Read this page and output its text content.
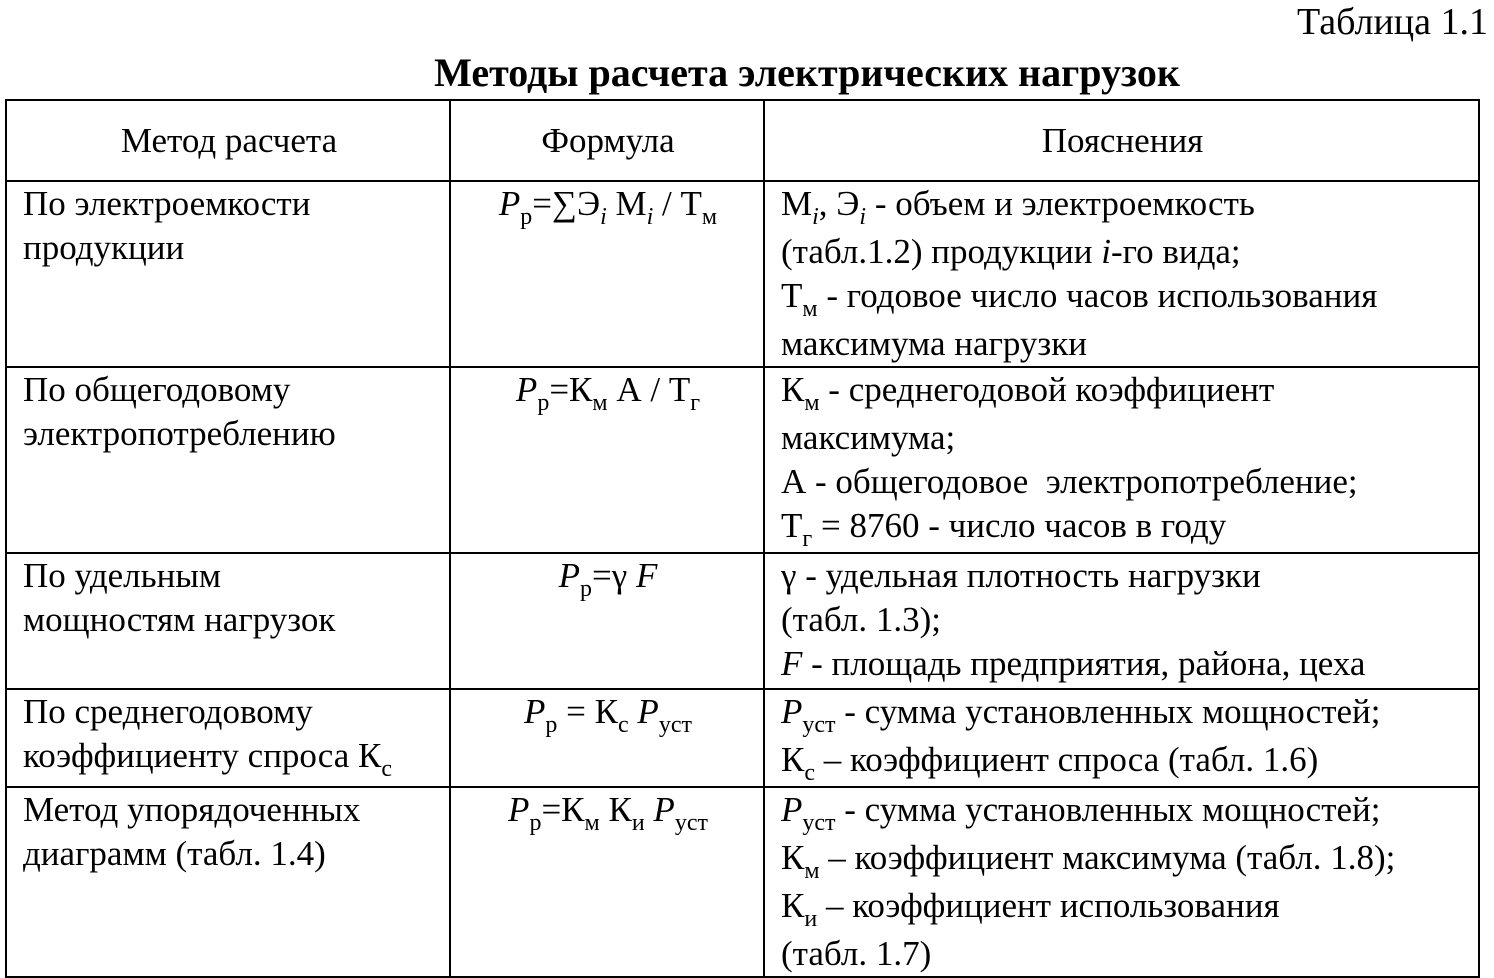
Таблица 1.1
Методы расчета электрических нагрузок
Метод расчета	Формула	Пояснения

По электроемкости
продукции	$P_р=\sum Э_i$ $М_i / Т_м$	$М_i$, $Э_i$ - объем и электроемкость
(табл.1.2) продукции i-го вида;
$Т_м$ - годовое число часов использования
максимума нагрузки

По общегодовому
электропотреблению	$P_р=К_м$ А / $Т_г$	$К_м$ - среднегодовой коэффициент
максимума;
А - общегодовое  электропотребление;
$Т_г = 8760$ - число часов в году

По удельным
мощностям нагрузок	$P_р=\gamma$ F	γ - удельная плотность нагрузки
(табл. 1.3);
F - площадь предприятия, района, цеха

По среднегодовому
коэффициенту спроса $К_с$	$P_р = К_с$ $P_{уст}$	$P_{уст}$ - сумма установленных мощностей;
$К_с$ – коэффициент спроса (табл. 1.6)

Метод упорядоченных
диаграмм (табл. 1.4)	$P_р=К_м$ $К_и$ $P_{уст}$	$P_{уст}$ - сумма установленных мощностей;
$К_м$ – коэффициент максимума (табл. 1.8);
$К_и$ – коэффициент использования
(табл. 1.7)
